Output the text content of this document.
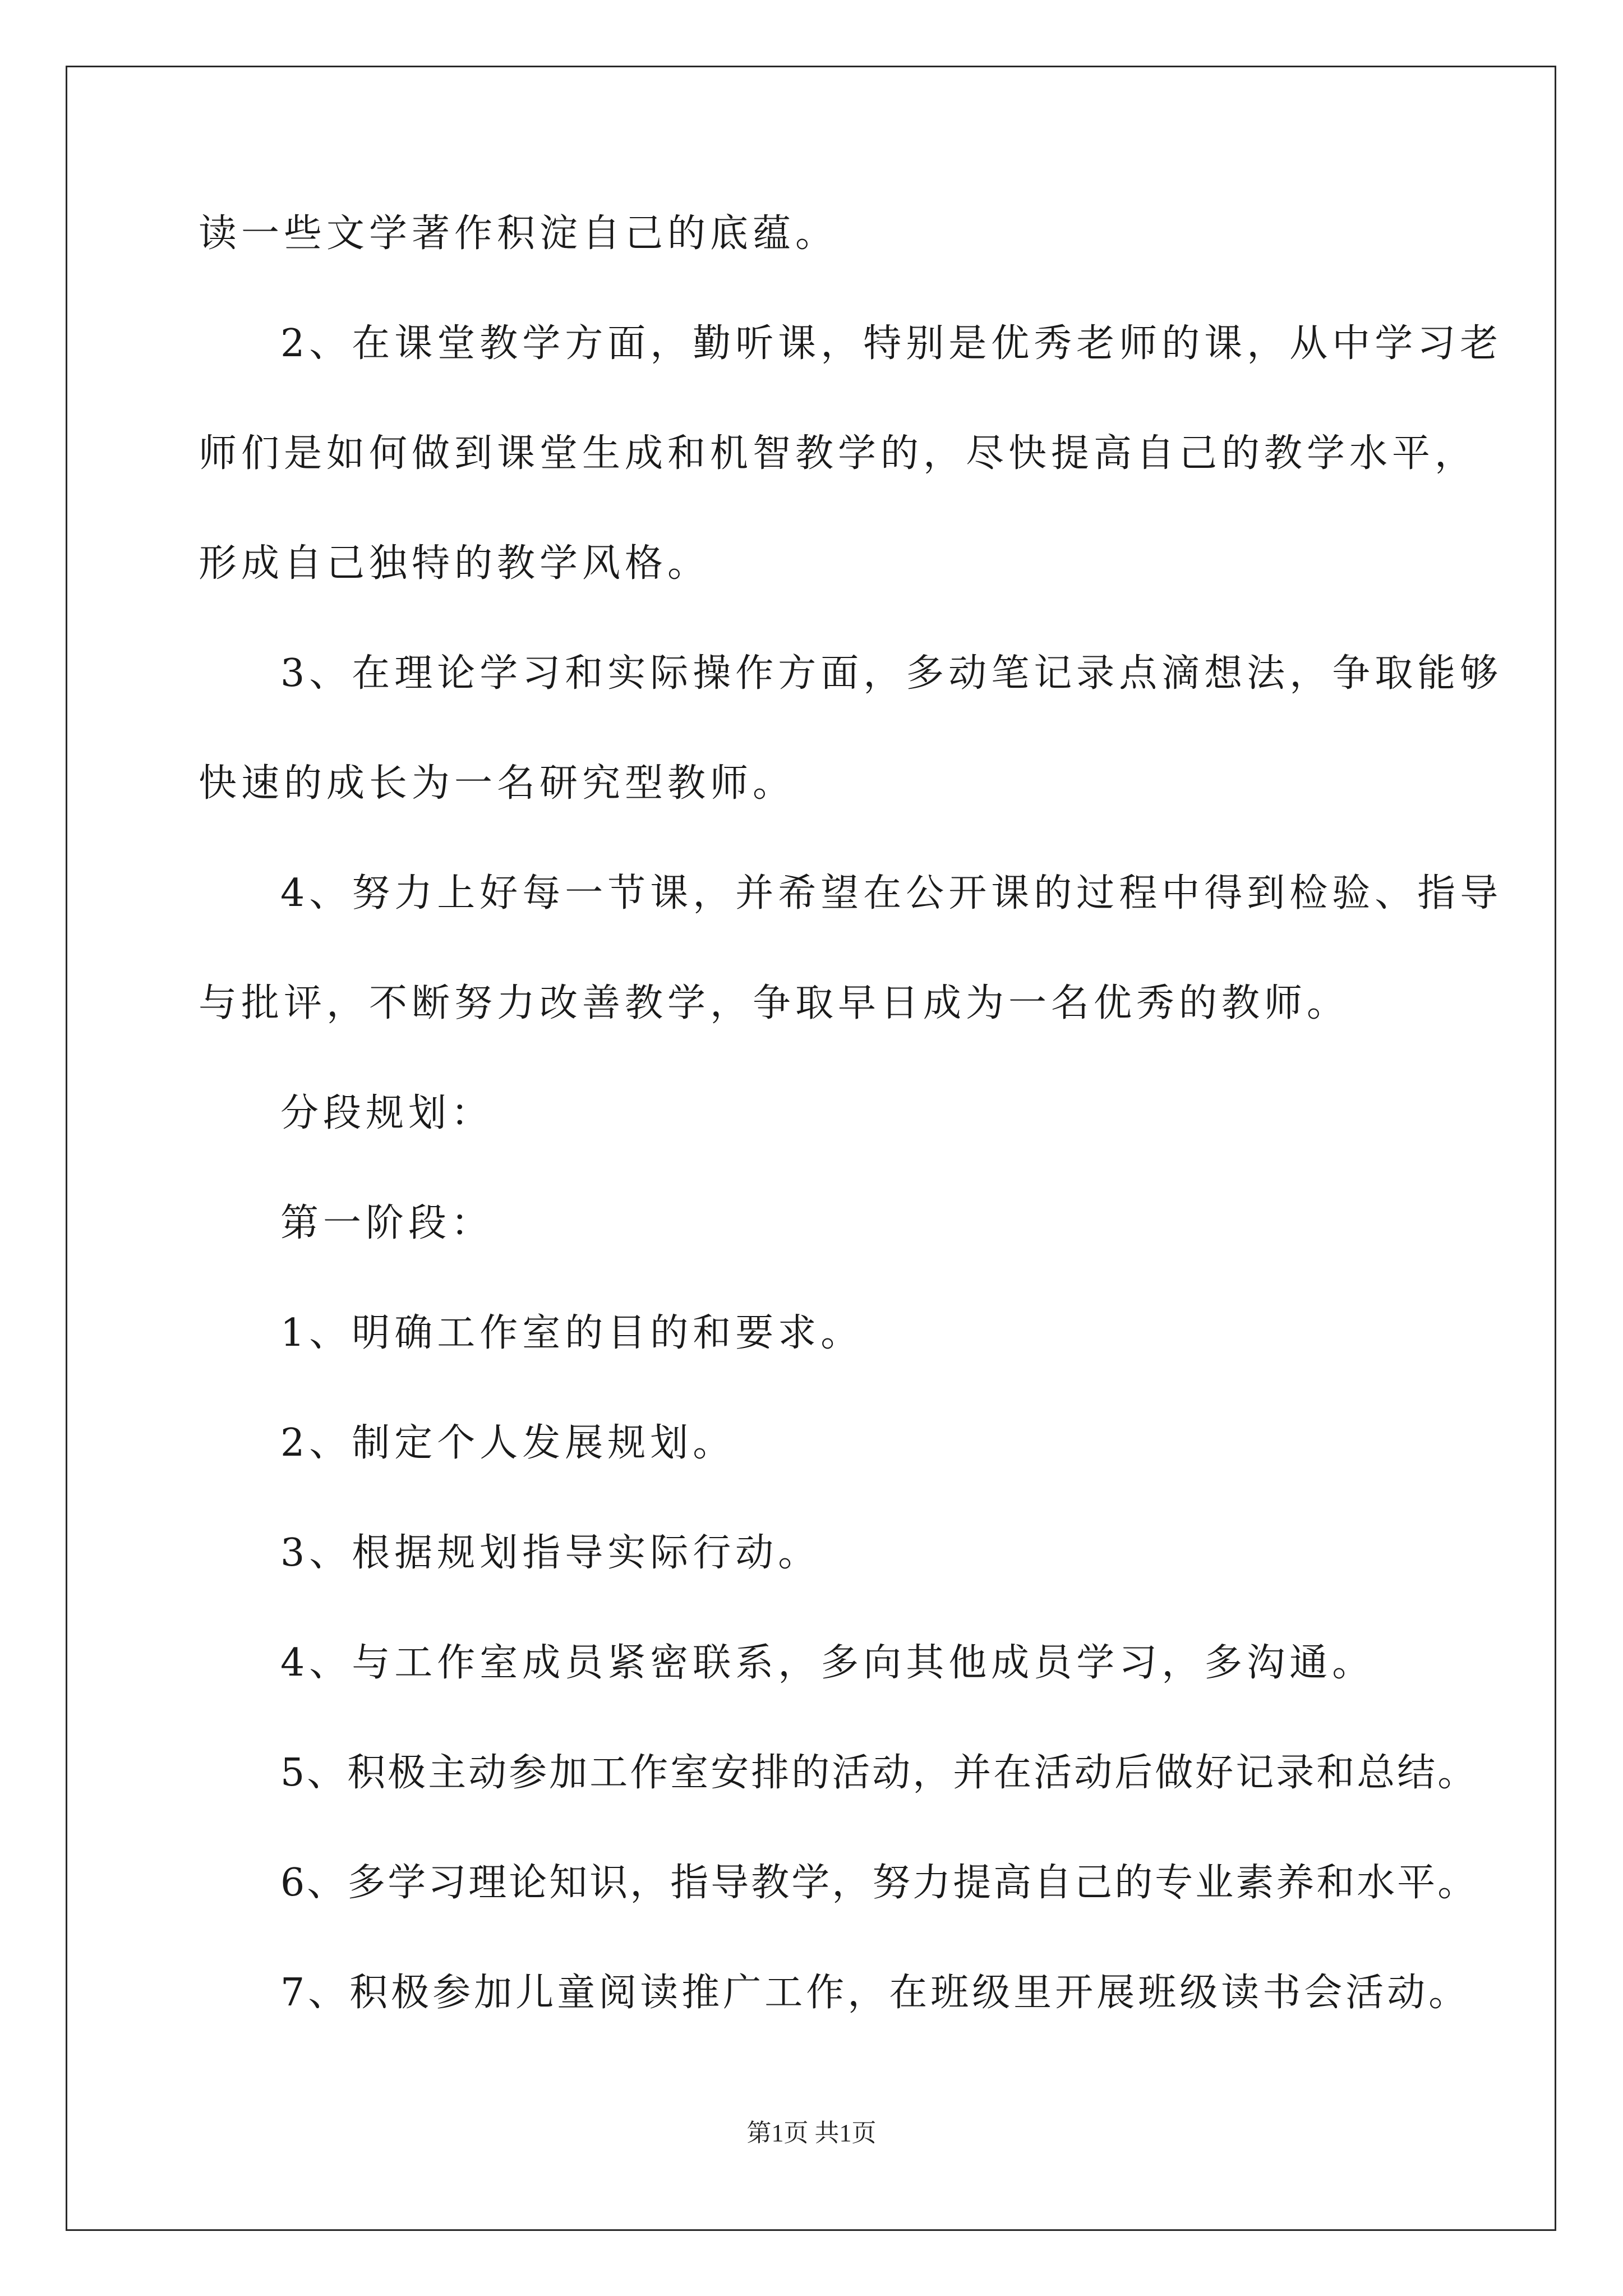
读一些文学著作积淀自己的底蕴。
2、在课堂教学方面，勤听课，特别是优秀老师的课，从中学习老
师们是如何做到课堂生成和机智教学的，尽快提高自己的教学水平，
形成自己独特的教学风格。
3、在理论学习和实际操作方面，多动笔记录点滴想法，争取能够
快速的成长为一名研究型教师。
4、努力上好每一节课，并希望在公开课的过程中得到检验、指导
与批评，不断努力改善教学，争取早日成为一名优秀的教师。
分段规划：
第一阶段：
1、明确工作室的目的和要求。
2、制定个人发展规划。
3、根据规划指导实际行动。
4、与工作室成员紧密联系，多向其他成员学习，多沟通。
5、积极主动参加工作室安排的活动，并在活动后做好记录和总结。
6、多学习理论知识，指导教学，努力提高自己的专业素养和水平。
7、积极参加儿童阅读推广工作，在班级里开展班级读书会活动。
第1页 共1页
